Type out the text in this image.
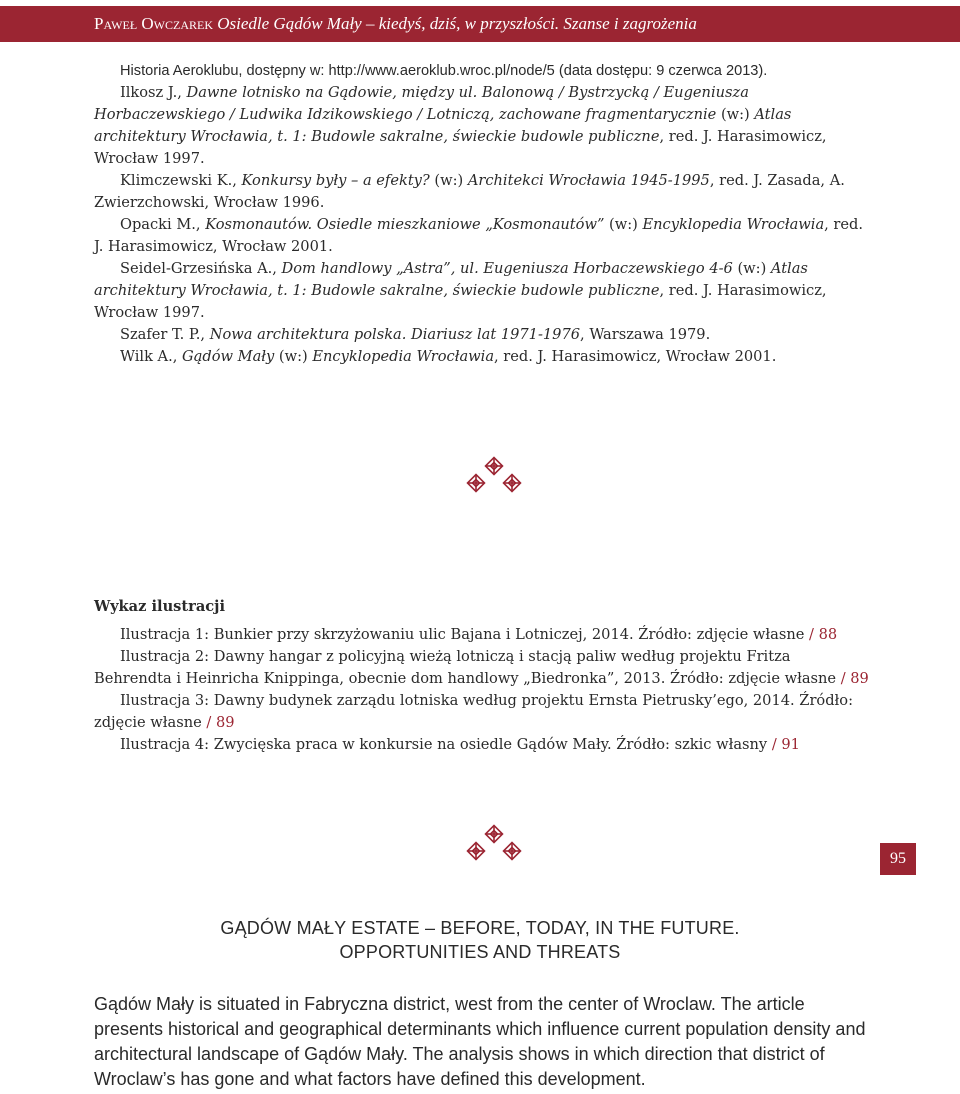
Paweł Owczarek Osiedle Gądów Mały – kiedyś, dziś, w przyszłości. Szanse i zagrożenia

Historia Aeroklubu, dostępny w: http://www.aeroklub.wroc.pl/node/5 (data dostępu: 9 czerwca 2013).

Ilkosz J., Dawne lotnisko na Gądowie, między ul. Balonową / Bystrzycką / Eugeniusza Horbaczewskiego / Ludwika Idzikowskiego / Lotniczą, zachowane fragmentarycznie (w:) Atlas architektury Wrocławia, t. 1: Budowle sakralne, świeckie budowle publiczne, red. J. Harasimowicz, Wrocław 1997.

Klimczewski K., Konkursy były – a efekty? (w:) Architekci Wrocławia 1945-1995, red. J. Zasada, A. Zwierzchowski, Wrocław 1996.

Opacki M., Kosmonautów. Osiedle mieszkaniowe „Kosmonautów” (w:) Encyklopedia Wrocławia, red. J. Harasimowicz, Wrocław 2001.

Seidel-Grzesińska A., Dom handlowy „Astra”, ul. Eugeniusza Horbaczewskiego 4-6 (w:) Atlas architektury Wrocławia, t. 1: Budowle sakralne, świeckie budowle publiczne, red. J. Harasimowicz, Wrocław 1997.

Szafer T. P., Nowa architektura polska. Diariusz lat 1971-1976, Warszawa 1979.

Wilk A., Gądów Mały (w:) Encyklopedia Wrocławia, red. J. Harasimowicz, Wrocław 2001.

Wykaz ilustracji

Ilustracja 1: Bunkier przy skrzyżowaniu ulic Bajana i Lotniczej, 2014. Źródło: zdjęcie własne / 88

Ilustracja 2: Dawny hangar z policyjną wieżą lotniczą i stacją paliw według projektu Fritza Behrendta i Heinricha Knippinga, obecnie dom handlowy „Biedronka”, 2013. Źródło: zdjęcie własne / 89

Ilustracja 3: Dawny budynek zarządu lotniska według projektu Ernsta Pietrusky’ego, 2014. Źródło: zdjęcie własne / 89

Ilustracja 4: Zwycięska praca w konkursie na osiedle Gądów Mały. Źródło: szkic własny / 91

95
GĄDÓW MAŁY ESTATE – BEFORE, TODAY, IN THE FUTURE.
OPPORTUNITIES AND THREATS
Gądów Mały is situated in Fabryczna district, west from the center of Wroclaw. The article presents historical and geographical determinants which influence current population density and architectural landscape of Gądów Mały. The analysis shows in which direction that district of Wroclaw’s has gone and what factors have defined this development.
